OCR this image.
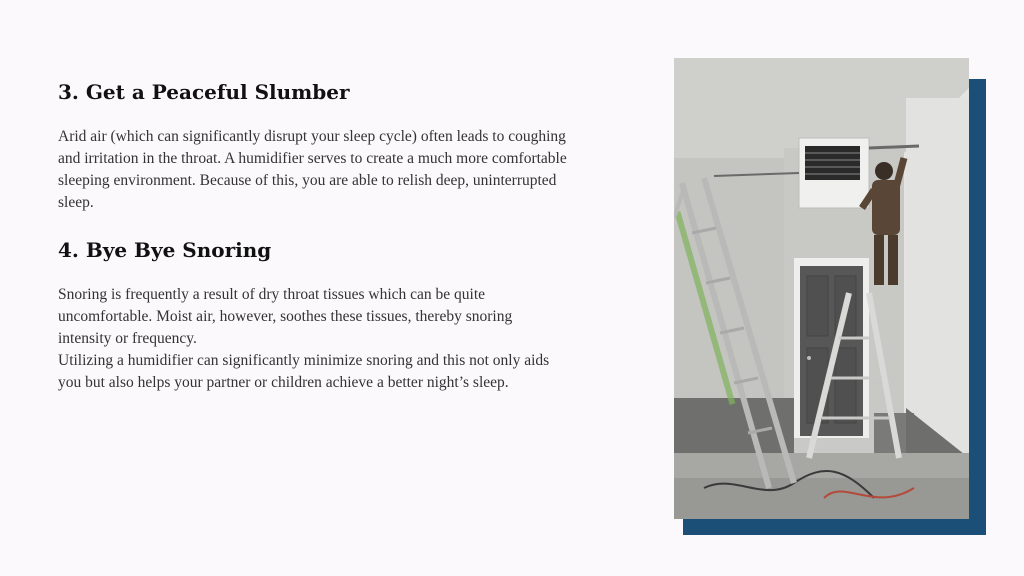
3. Get a Peaceful Slumber

Arid air (which can significantly disrupt your sleep cycle) often leads to coughing and irritation in the throat. A humidifier serves to create a much more comfortable sleeping environment. Because of this, you are able to relish deep, uninterrupted sleep.

4. Bye Bye Snoring

Snoring is frequently a result of dry throat tissues which can be quite uncomfortable. Moist air, however, soothes these tissues, thereby snoring intensity or frequency.

Utilizing a humidifier can significantly minimize snoring and this not only aids you but also helps your partner or children achieve a better night’s sleep.
